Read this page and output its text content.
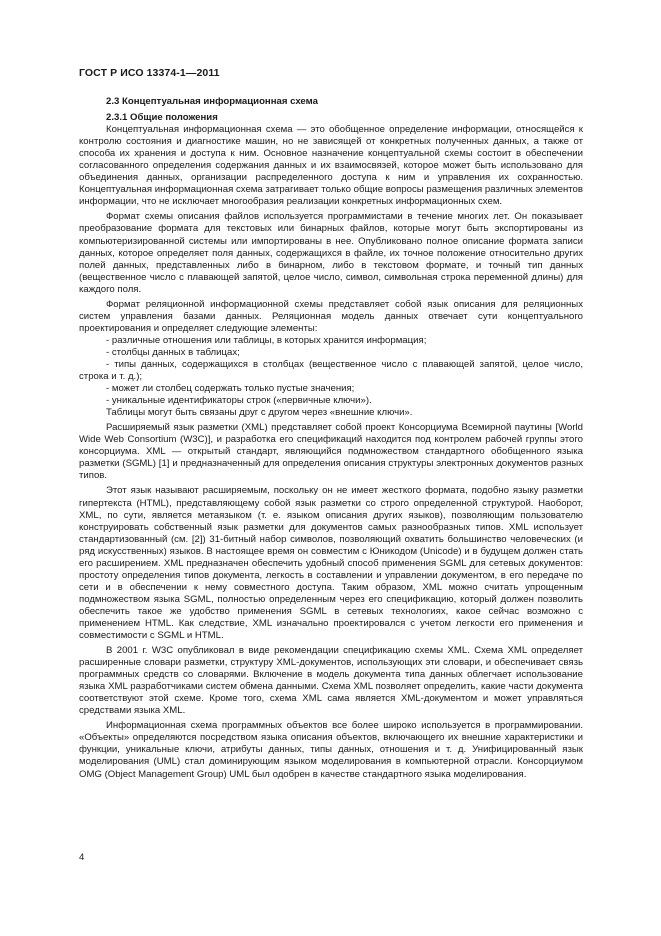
ГОСТ Р ИСО 13374-1—2011
2.3 Концептуальная информационная схема
2.3.1 Общие положения

Концептуальная информационная схема — это обобщенное определение информации, относящейся к контролю состояния и диагностике машин, но не зависящей от конкретных полученных данных, а также от способа их хранения и доступа к ним. Основное назначение концептуальной схемы состоит в обеспечении согласованного определения содержания данных и их взаимосвязей, которое может быть использовано для объединения данных, организации распределенного доступа к ним и управления их сохранностью. Концептуальная информационная схема затрагивает только общие вопросы размещения различных элементов информации, что не исключает многообразия реализации конкретных информационных схем.

Формат схемы описания файлов используется программистами в течение многих лет. Он показывает преобразование формата для текстовых или бинарных файлов, которые могут быть экспортированы из компьютеризированной системы или импортированы в нее. Опубликовано полное описание формата записи данных, которое определяет поля данных, содержащихся в файле, их точное положение относительно других полей данных, представленных либо в бинарном, либо в текстовом формате, и точный тип данных (вещественное число с плавающей запятой, целое число, символ, символьная строка переменной длины) для каждого поля.

Формат реляционной информационной схемы представляет собой язык описания для реляционных систем управления базами данных. Реляционная модель данных отвечает сути концептуального проектирования и определяет следующие элементы:

- различные отношения или таблицы, в которых хранится информация;
- столбцы данных в таблицах;
- типы данных, содержащихся в столбцах (вещественное число с плавающей запятой, целое число, строка и т. д.);
- может ли столбец содержать только пустые значения;
- уникальные идентификаторы строк («первичные ключи»).

Таблицы могут быть связаны друг с другом через «внешние ключи».

Расширяемый язык разметки (XML) представляет собой проект Консорциума Всемирной паутины [World Wide Web Consortium (W3C)], и разработка его спецификаций находится под контролем рабочей группы этого консорциума. XML — открытый стандарт, являющийся подмножеством стандартного обобщенного языка разметки (SGML) [1] и предназначенный для определения описания структуры электронных документов разных типов.

Этот язык называют расширяемым, поскольку он не имеет жесткого формата, подобно языку разметки гипертекста (HTML), представляющему собой язык разметки со строго определенной структурой. Наоборот, XML, по сути, является метаязыком (т. е. языком описания других языков), позволяющим пользователю конструировать собственный язык разметки для документов самых разнообразных типов. XML использует стандартизованный (см. [2]) 31-битный набор символов, позволяющий охватить большинство человеческих (и ряд искусственных) языков. В настоящее время он совместим с Юникодом (Unicode) и в будущем должен стать его расширением. XML предназначен обеспечить удобный способ применения SGML для сетевых документов: простоту определения типов документа, легкость в составлении и управлении документом, в его передаче по сети и в обеспечении к нему совместного доступа. Таким образом, XML можно считать упрощенным подмножеством языка SGML, полностью определенным через его спецификацию, который должен позволить обеспечить такое же удобство применения SGML в сетевых технологиях, какое сейчас возможно с применением HTML. Как следствие, XML изначально проектировался с учетом легкости его применения и совместимости с SGML и HTML.

В 2001 г. W3C опубликовал в виде рекомендации спецификацию схемы XML. Схема XML определяет расширенные словари разметки, структуру XML-документов, использующих эти словари, и обеспечивает связь программных средств со словарями. Включение в модель документа типа данных облегчает использование языка XML разработчиками систем обмена данными. Схема XML позволяет определить, какие части документа соответствуют этой схеме. Кроме того, схема XML сама является XML-документом и может управляться средствами языка XML.

Информационная схема программных объектов все более широко используется в программировании. «Объекты» определяются посредством языка описания объектов, включающего их внешние характеристики и функции, уникальные ключи, атрибуты данных, типы данных, отношения и т. д. Унифицированный язык моделирования (UML) стал доминирующим языком моделирования в компьютерной отрасли. Консорциумом OMG (Object Management Group) UML был одобрен в качестве стандартного языка моделирования.

4
